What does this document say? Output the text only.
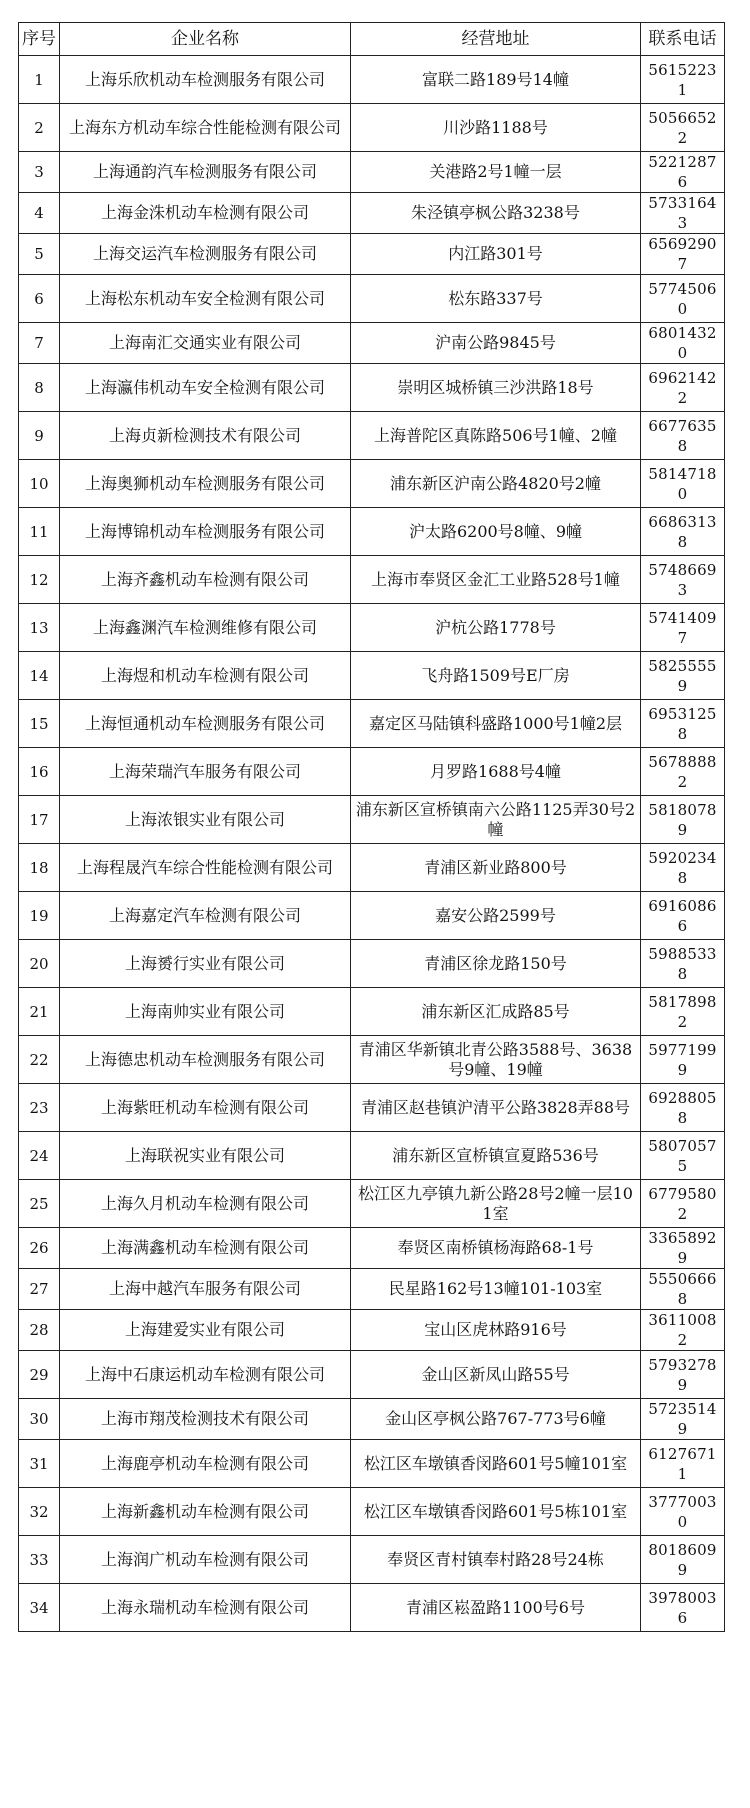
序号	企业名称	经营地址	联系电话
1	上海乐欣机动车检测服务有限公司	富联二路189号14幢	56152231
2	上海东方机动车综合性能检测有限公司	川沙路1188号	50566522
3	上海通韵汽车检测服务有限公司	关港路2号1幢一层	52212876
4	上海金洙机动车检测有限公司	朱泾镇亭枫公路3238号	57331643
5	上海交运汽车检测服务有限公司	内江路301号	65692907
6	上海松东机动车安全检测有限公司	松东路337号	57745060
7	上海南汇交通实业有限公司	沪南公路9845号	68014320
8	上海瀛伟机动车安全检测有限公司	崇明区城桥镇三沙洪路18号	69621422
9	上海贞新检测技术有限公司	上海普陀区真陈路506号1幢、2幢	66776358
10	上海奥狮机动车检测服务有限公司	浦东新区沪南公路4820号2幢	58147180
11	上海博锦机动车检测服务有限公司	沪太路6200号8幢、9幢	66863138
12	上海齐鑫机动车检测有限公司	上海市奉贤区金汇工业路528号1幢	57486693
13	上海鑫渊汽车检测维修有限公司	沪杭公路1778号	57414097
14	上海煜和机动车检测有限公司	飞舟路1509号E厂房	58255559
15	上海恒通机动车检测服务有限公司	嘉定区马陆镇科盛路1000号1幢2层	69531258
16	上海荣瑞汽车服务有限公司	月罗路1688号4幢	56788882
17	上海浓银实业有限公司	浦东新区宣桥镇南六公路1125弄30号2幢	58180789
18	上海程晟汽车综合性能检测有限公司	青浦区新业路800号	59202348
19	上海嘉定汽车检测有限公司	嘉安公路2599号	69160866
20	上海赟行实业有限公司	青浦区徐龙路150号	59885338
21	上海南帅实业有限公司	浦东新区汇成路85号	58178982
22	上海德忠机动车检测服务有限公司	青浦区华新镇北青公路3588号、3638号9幢、19幢	59771999
23	上海紫旺机动车检测有限公司	青浦区赵巷镇沪清平公路3828弄88号	69288058
24	上海联祝实业有限公司	浦东新区宣桥镇宣夏路536号	58070575
25	上海久月机动车检测有限公司	松江区九亭镇九新公路28号2幢一层101室	67795802
26	上海满鑫机动车检测有限公司	奉贤区南桥镇杨海路68-1号	33658929
27	上海中越汽车服务有限公司	民星路162号13幢101-103室	55506668
28	上海建爱实业有限公司	宝山区虎林路916号	36110082
29	上海中石康运机动车检测有限公司	金山区新凤山路55号	57932789
30	上海市翔茂检测技术有限公司	金山区亭枫公路767-773号6幢	57235149
31	上海鹿亭机动车检测有限公司	松江区车墩镇香闵路601号5幢101室	61276711
32	上海新鑫机动车检测有限公司	松江区车墩镇香闵路601号5栋101室	37770030
33	上海润广机动车检测有限公司	奉贤区青村镇奉村路28号24栋	80186099
34	上海永瑞机动车检测有限公司	青浦区崧盈路1100号6号	39780036
